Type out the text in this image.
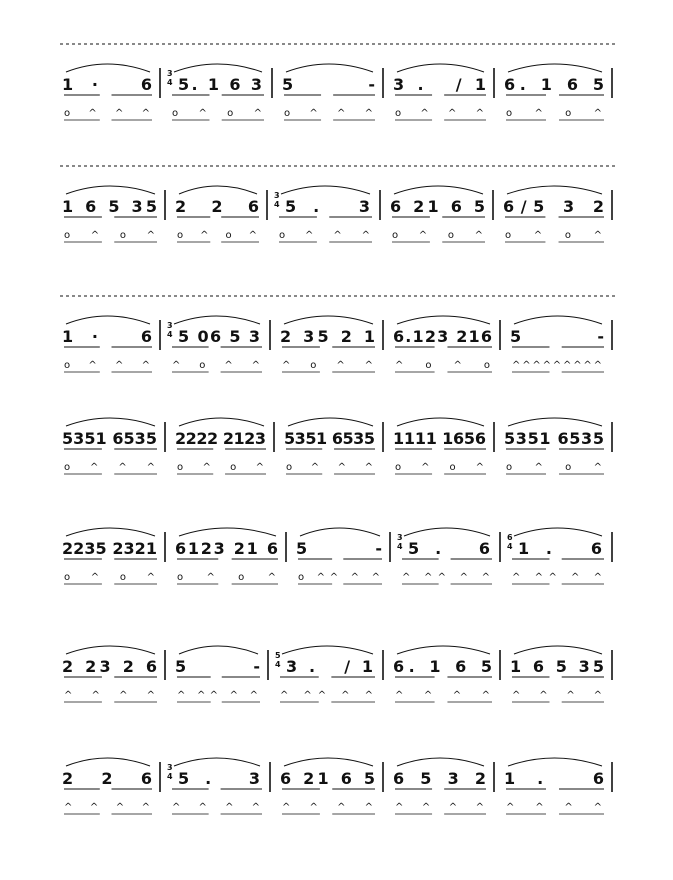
1· 6
o ^ ^ ^
3
4 5. 1 6 3
o ^ o ^
5 -
o ^ ^ ^
3. /1
o ^ ^ ^
6. 1 6 5
o ^ o ^
1 6 5 35
o ^ o ^
2 2 6
o ^ o ^
3
4 5. 3
o ^ ^ ^
6 21 6 5
o ^ o ^
6/5 3 2
o ^ o ^
1· 6
o ^ ^ ^
3
4 5 06 5 3
^ o ^ ^
2 35 2 1
^ o ^ ^
6.123 216
^ o ^ o
5 -
^^^^^^^^^
5351 6535
o ^ ^ ^
2222 2123
o ^ o ^
5351 6535
o ^ ^ ^
1111 1656
o ^ o ^
5351 6535
o ^ o ^
2235 2321
o ^ o ^
6123 21 6
o ^ o ^
5 -
o ^^ ^ ^
3
4 5. 6
^ ^^ ^ ^
6
4 1. 6
^ ^^ ^ ^
2 23 2 6
^ ^ ^ ^
5 -
^ ^^ ^ ^
5
4 3. /1
^ ^^ ^ ^
6. 1 6 5
^ ^ ^ ^
1 6 5 35
^ ^ ^ ^
2 2 6
^ ^ ^ ^
3
4 5. 3
^ ^ ^ ^
6 21 6 5
^ ^ ^ ^
6 5 3 2
^ ^ ^ ^
1. 6
^ ^ ^ ^
